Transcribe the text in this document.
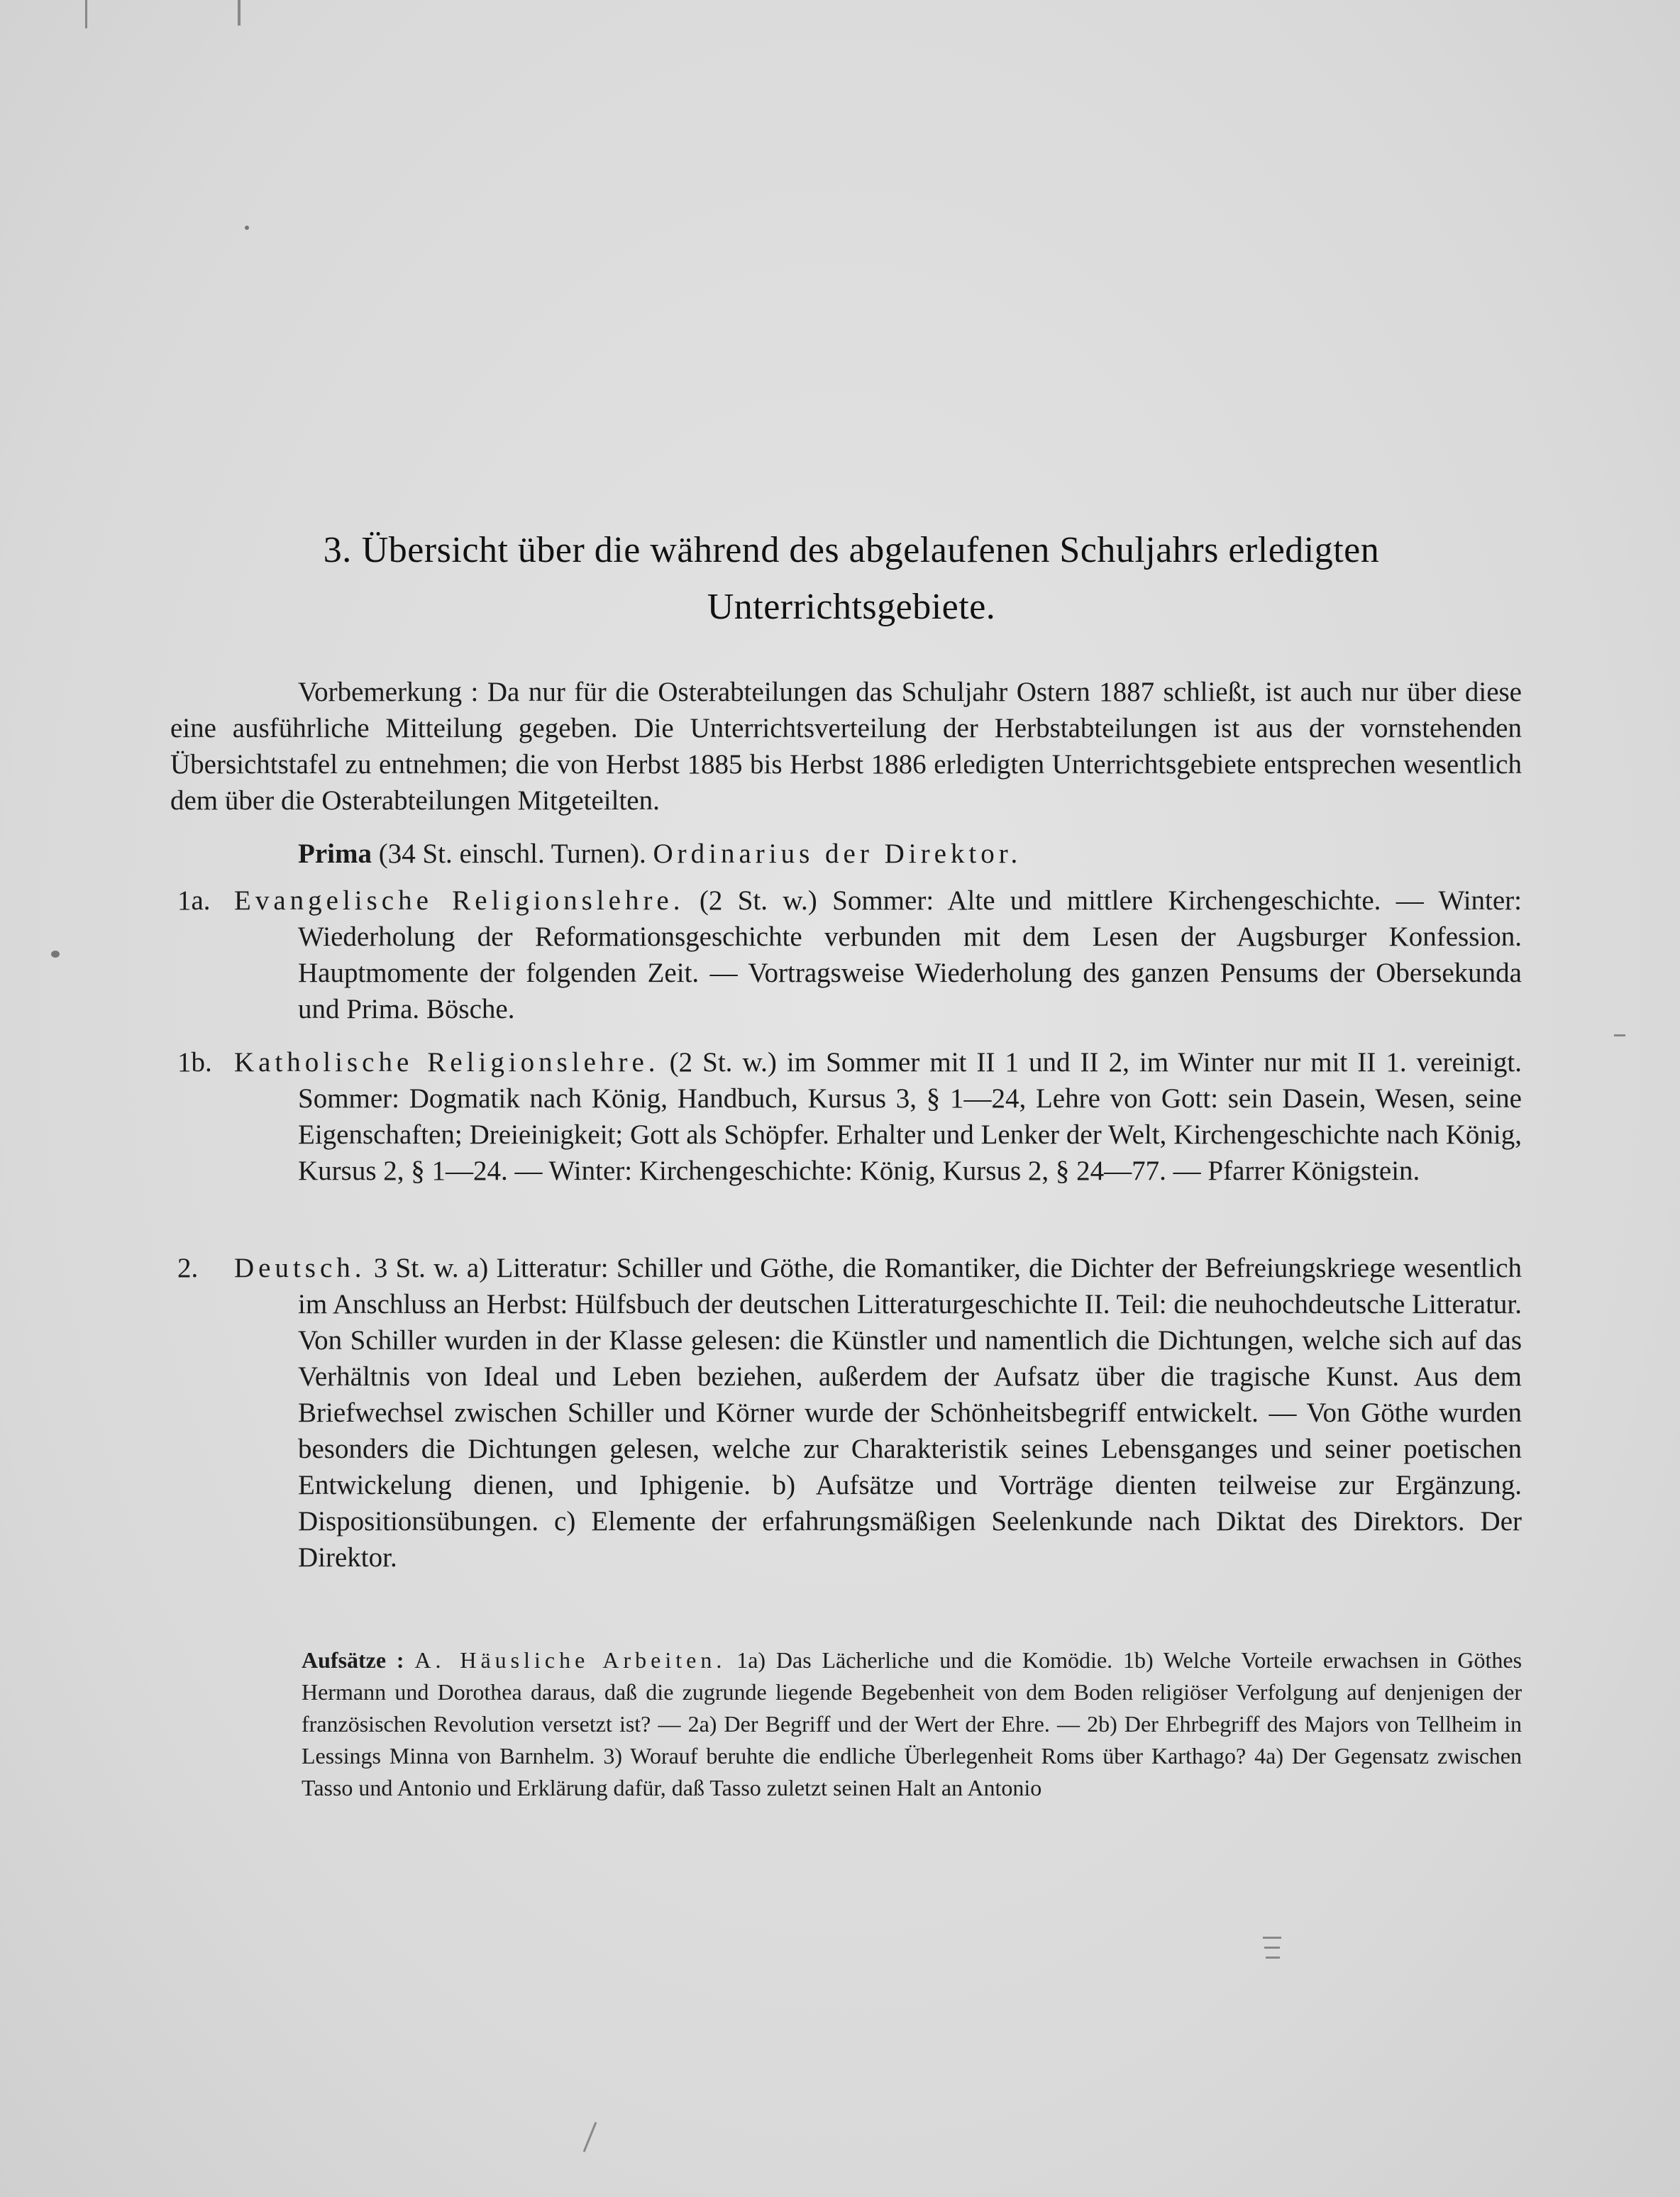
3. Übersicht über die während des abgelaufenen Schuljahrs erledigten
Unterrichtsgebiete.
Vorbemerkung : Da nur für die Osterabteilungen das Schuljahr Ostern 1887 schließt, ist auch nur über diese eine ausführliche Mitteilung gegeben. Die Unterrichtsverteilung der Herbstabteilungen ist aus der vornstehenden Übersichtstafel zu entnehmen; die von Herbst 1885 bis Herbst 1886 erledigten Unterrichtsgebiete entsprechen wesentlich dem über die Osterabteilungen Mitgeteilten.
Prima (34 St. einschl. Turnen). Ordinarius der Direktor.
1a. Evangelische Religionslehre. (2 St. w.) Sommer: Alte und mittlere Kirchengeschichte. — Winter: Wiederholung der Reformationsgeschichte verbunden mit dem Lesen der Augsburger Konfession. Hauptmomente der folgenden Zeit. — Vortragsweise Wiederholung des ganzen Pensums der Obersekunda und Prima. Bösche.
1b. Katholische Religionslehre. (2 St. w.) im Sommer mit II 1 und II 2, im Winter nur mit II 1. vereinigt. Sommer: Dogmatik nach König, Handbuch, Kursus 3, § 1—24, Lehre von Gott: sein Dasein, Wesen, seine Eigenschaften; Dreieinigkeit; Gott als Schöpfer. Erhalter und Lenker der Welt, Kirchengeschichte nach König, Kursus 2, § 1—24. — Winter: Kirchengeschichte: König, Kursus 2, § 24—77. — Pfarrer Königstein.
2.	Deutsch. 3 St. w. a) Litteratur: Schiller und Göthe, die Romantiker, die Dichter der Befreiungskriege wesentlich im Anschluss an Herbst: Hülfsbuch der deutschen Litteraturgeschichte II. Teil: die neuhochdeutsche Litteratur. Von Schiller wurden in der Klasse gelesen: die Künstler und namentlich die Dichtungen, welche sich auf das Verhältnis von Ideal und Leben beziehen, außerdem der Aufsatz über die tragische Kunst. Aus dem Briefwechsel zwischen Schiller und Körner wurde der Schönheitsbegriff entwickelt. — Von Göthe wurden besonders die Dichtungen gelesen, welche zur Charakteristik seines Lebensganges und seiner poetischen Entwickelung dienen, und Iphigenie. b) Aufsätze und Vorträge dienten teilweise zur Ergänzung. Dispositionsübungen. c) Elemente der erfahrungsmäßigen Seelenkunde nach Diktat des Direktors. Der Direktor.
Aufsätze : A. Häusliche Arbeiten. 1a) Das Lächerliche und die Komödie. 1b) Welche Vorteile erwachsen in Göthes Hermann und Dorothea daraus, daß die zugrunde liegende Begebenheit von dem Boden religiöser Verfolgung auf denjenigen der französischen Revolution versetzt ist? — 2a) Der Begriff und der Wert der Ehre. — 2b) Der Ehrbegriff des Majors von Tellheim in Lessings Minna von Barnhelm. 3) Worauf beruhte die endliche Überlegenheit Roms über Karthago? 4a) Der Gegensatz zwischen Tasso und Antonio und Erklärung dafür, daß Tasso zuletzt seinen Halt an Antonio
